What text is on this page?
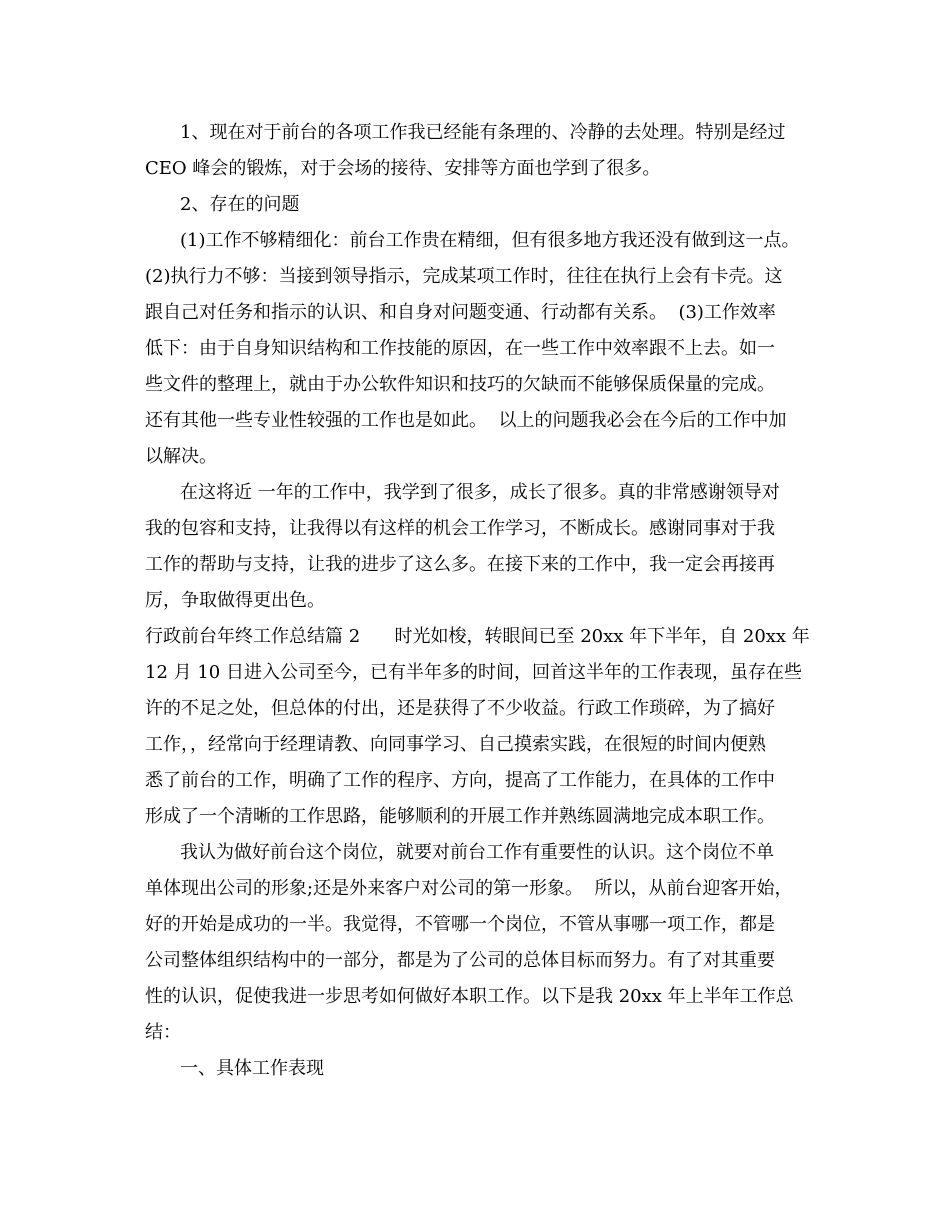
1、现在对于前台的各项工作我已经能有条理的、冷静的去处理。特别是经过
CEO 峰会的锻炼，对于会场的接待、安排等方面也学到了很多。
2、存在的问题
(1)工作不够精细化：前台工作贵在精细，但有很多地方我还没有做到这一点。
(2)执行力不够：当接到领导指示，完成某项工作时，往往在执行上会有卡壳。这
跟自己对任务和指示的认识、和自身对问题变通、行动都有关系。  (3)工作效率
低下：由于自身知识结构和工作技能的原因，在一些工作中效率跟不上去。如一
些文件的整理上，就由于办公软件知识和技巧的欠缺而不能够保质保量的完成。
还有其他一些专业性较强的工作也是如此。  以上的问题我必会在今后的工作中加
以解决。
在这将近 一年的工作中，我学到了很多，成长了很多。真的非常感谢领导对
我的包容和支持，让我得以有这样的机会工作学习，不断成长。感谢同事对于我
工作的帮助与支持，让我的进步了这么多。在接下来的工作中，我一定会再接再
厉，争取做得更出色。
行政前台年终工作总结篇 2      时光如梭，转眼间已至 20xx 年下半年，自 20xx 年
12 月 10 日进入公司至今，已有半年多的时间，回首这半年的工作表现，虽存在些
许的不足之处，但总体的付出，还是获得了不少收益。行政工作琐碎，为了搞好
工作，，经常向于经理请教、向同事学习、自己摸索实践，在很短的时间内便熟
悉了前台的工作，明确了工作的程序、方向，提高了工作能力，在具体的工作中
形成了一个清晰的工作思路，能够顺利的开展工作并熟练圆满地完成本职工作。
我认为做好前台这个岗位，就要对前台工作有重要性的认识。这个岗位不单
单体现出公司的形象;还是外来客户对公司的第一形象。  所以，从前台迎客开始，
好的开始是成功的一半。我觉得，不管哪一个岗位，不管从事哪一项工作，都是
公司整体组织结构中的一部分，都是为了公司的总体目标而努力。有了对其重要
性的认识，促使我进一步思考如何做好本职工作。以下是我 20xx 年上半年工作总
结：
一、具体工作表现
